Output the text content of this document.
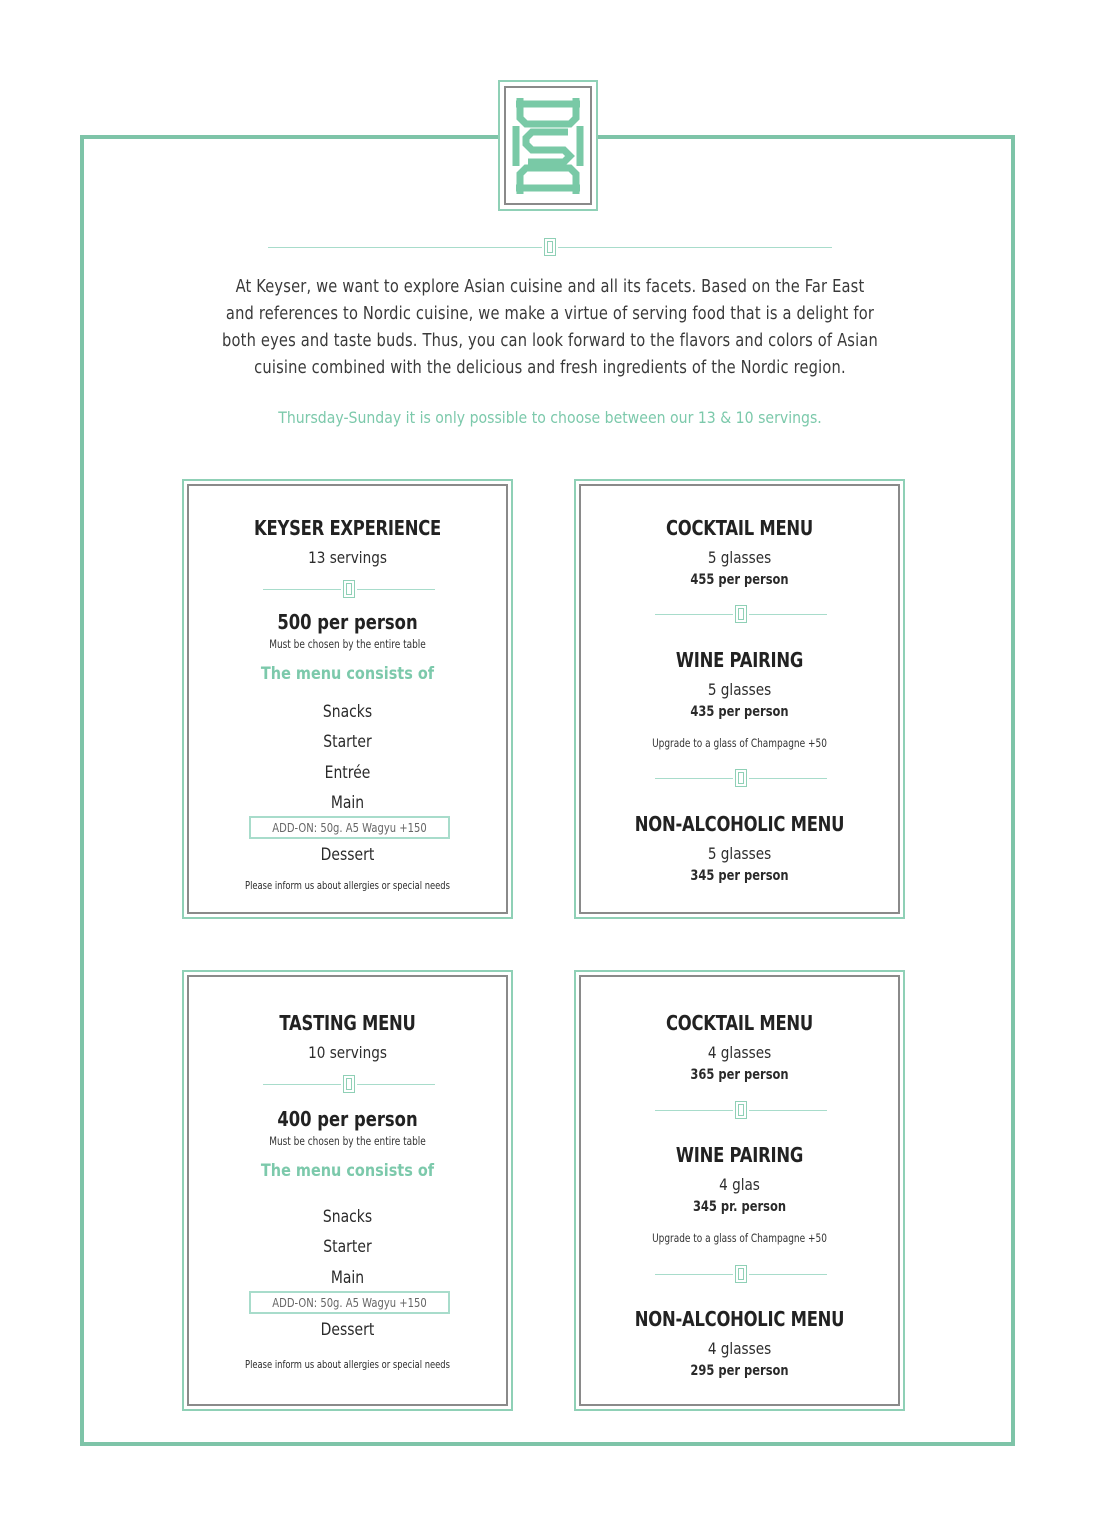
At Keyser, we want to explore Asian cuisine and all its facets. Based on the Far East and references to Nordic cuisine, we make a virtue of serving food that is a delight for both eyes and taste buds. Thus, you can look forward to the flavors and colors of Asian cuisine combined with the delicious and fresh ingredients of the Nordic region.

Thursday-Sunday it is only possible to choose between our 13 & 10 servings.

KEYSER EXPERIENCE
13 servings
500 per person
Must be chosen by the entire table
The menu consists of
Snacks
Starter
Entrée
Main
ADD-ON: 50g. A5 Wagyu +150
Dessert
Please inform us about allergies or special needs
COCKTAIL MENU
5 glasses
455 per person
WINE PAIRING
5 glasses
435 per person
Upgrade to a glass of Champagne +50
NON-ALCOHOLIC MENU
5 glasses
345 per person
TASTING MENU
10 servings
400 per person
Must be chosen by the entire table
The menu consists of
Snacks
Starter
Main
ADD-ON: 50g. A5 Wagyu +150
Dessert
Please inform us about allergies or special needs
COCKTAIL MENU
4 glasses
365 per person
WINE PAIRING
4 glas
345 pr. person
Upgrade to a glass of Champagne +50
NON-ALCOHOLIC MENU
4 glasses
295 per person
